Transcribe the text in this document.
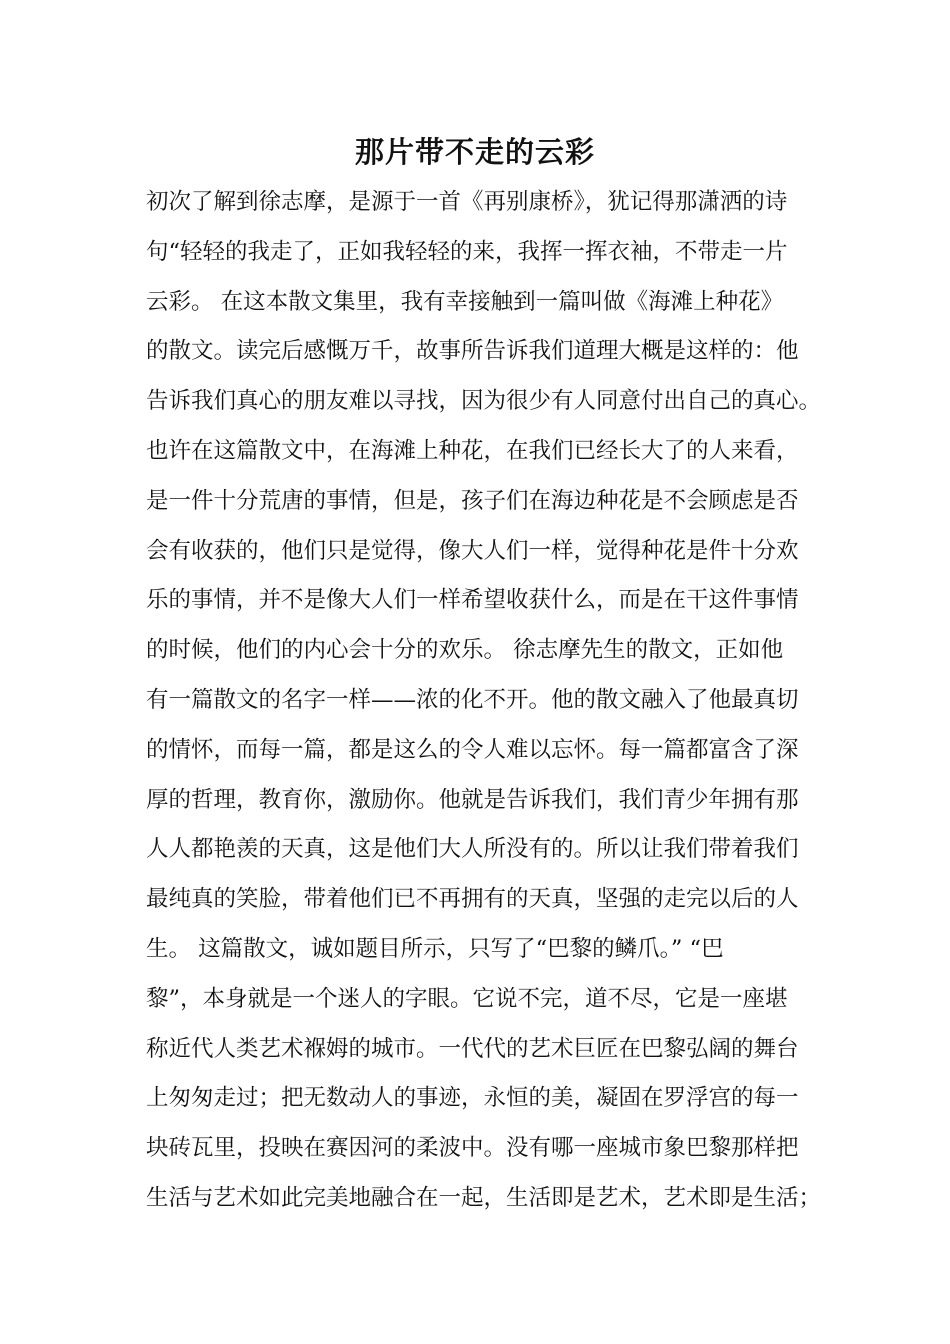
那片带不走的云彩
初次了解到徐志摩，是源于一首《再别康桥》，犹记得那潇洒的诗
句“轻轻的我走了，正如我轻轻的来，我挥一挥衣袖，不带走一片
云彩。 在这本散文集里，我有幸接触到一篇叫做《海滩上种花》
的散文。读完后感慨万千，故事所告诉我们道理大概是这样的：他
告诉我们真心的朋友难以寻找，因为很少有人同意付出自己的真心。
也许在这篇散文中，在海滩上种花，在我们已经长大了的人来看，
是一件十分荒唐的事情，但是，孩子们在海边种花是不会顾虑是否
会有收获的，他们只是觉得，像大人们一样，觉得种花是件十分欢
乐的事情，并不是像大人们一样希望收获什么，而是在干这件事情
的时候，他们的内心会十分的欢乐。 徐志摩先生的散文，正如他
有一篇散文的名字一样——浓的化不开。他的散文融入了他最真切
的情怀，而每一篇，都是这么的令人难以忘怀。每一篇都富含了深
厚的哲理，教育你，激励你。他就是告诉我们，我们青少年拥有那
人人都艳羡的天真，这是他们大人所没有的。所以让我们带着我们
最纯真的笑脸，带着他们已不再拥有的天真，坚强的走完以后的人
生。 这篇散文，诚如题目所示，只写了“巴黎的鳞爪。” “巴
黎”，本身就是一个迷人的字眼。它说不完，道不尽，它是一座堪
称近代人类艺术褓姆的城市。一代代的艺术巨匠在巴黎弘阔的舞台
上匆匆走过；把无数动人的事迹，永恒的美，凝固在罗浮宫的每一
块砖瓦里，投映在赛因河的柔波中。没有哪一座城市象巴黎那样把
生活与艺术如此完美地融合在一起，生活即是艺术，艺术即是生活；
